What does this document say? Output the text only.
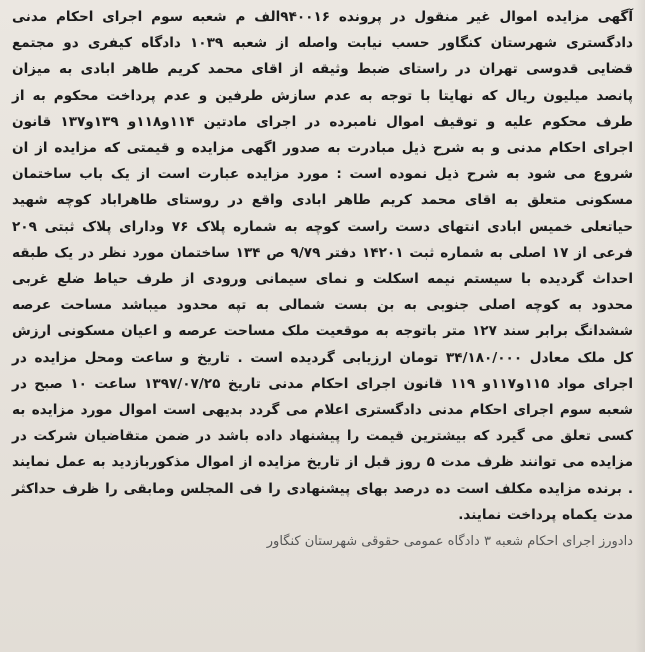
آگهی مزایده اموال غیر منقول در پرونده ۹۴۰۰۱۶الف م شعبه سوم اجرای احکام مدنی دادگستری شهرستان کنگاور حسب نیابت واصله از شعبه ۱۰۳۹ دادگاه کیفری دو مجتمع قضایی قدوسی تهران در راستای ضبط وثیقه از اقای محمد کریم طاهر ابادی به میزان پانصد میلیون ریال که نهایتا با توجه به عدم سازش طرفین و عدم پرداخت محکوم به از طرف محکوم علیه و توقیف اموال نامبرده در اجرای مادتین ۱۱۴و۱۱۸و ۱۳۹و۱۳۷ قانون اجرای احکام مدنی و به شرح ذیل مبادرت به صدور اگهی مزایده و قیمتی که مزایده از ان شروع می شود به شرح ذیل نموده است : مورد مزایده عبارت است از یک باب ساختمان مسکونی متعلق به اقای محمد کریم طاهر ابادی واقع در روستای طاهراباد کوچه شهید حیاتعلی خمیس ابادی انتهای دست راست کوچه به شماره پلاک ۷۶ ودارای پلاک ثبتی ۲۰۹ فرعی از ۱۷ اصلی به شماره ثبت ۱۴۲۰۱ دفتر ۹/۷۹ ص ۱۳۴ ساختمان مورد نظر در یک طبقه احداث گردیده با سیستم نیمه اسکلت و نمای سیمانی ورودی از طرف حیاط ضلع غربی محدود به کوچه اصلی جنوبی به بن بست شمالی به تپه محدود میباشد مساحت عرصه ششدانگ برابر سند ۱۲۷ متر باتوجه به موقعیت ملک مساحت عرصه و اعیان مسکونی ارزش کل ملک معادل ۳۴/۱۸۰/۰۰۰ تومان ارزیابی گردیده است . تاریخ و ساعت ومحل مزایده در اجرای مواد ۱۱۵و۱۱۷و ۱۱۹ قانون اجرای احکام مدنی تاریخ ۱۳۹۷/۰۷/۲۵ ساعت ۱۰ صبح در شعبه سوم اجرای احکام مدنی دادگستری اعلام می گردد بدیهی است اموال مورد مزایده به کسی تعلق می گیرد که بیشترین قیمت را پیشنهاد داده باشد در ضمن متقاضیان شرکت در مزایده می توانند ظرف مدت ۵ روز قبل از تاریخ مزایده از اموال مذکوربازدید به عمل نمایند . برنده مزایده مکلف است ده درصد بهای پیشنهادی را فی المجلس ومابقی را ظرف حداکثر مدت یکماه پرداخت نمایند.

دادورز اجرای احکام شعبه ۳ دادگاه عمومی حقوقی شهرستان کنگاور
